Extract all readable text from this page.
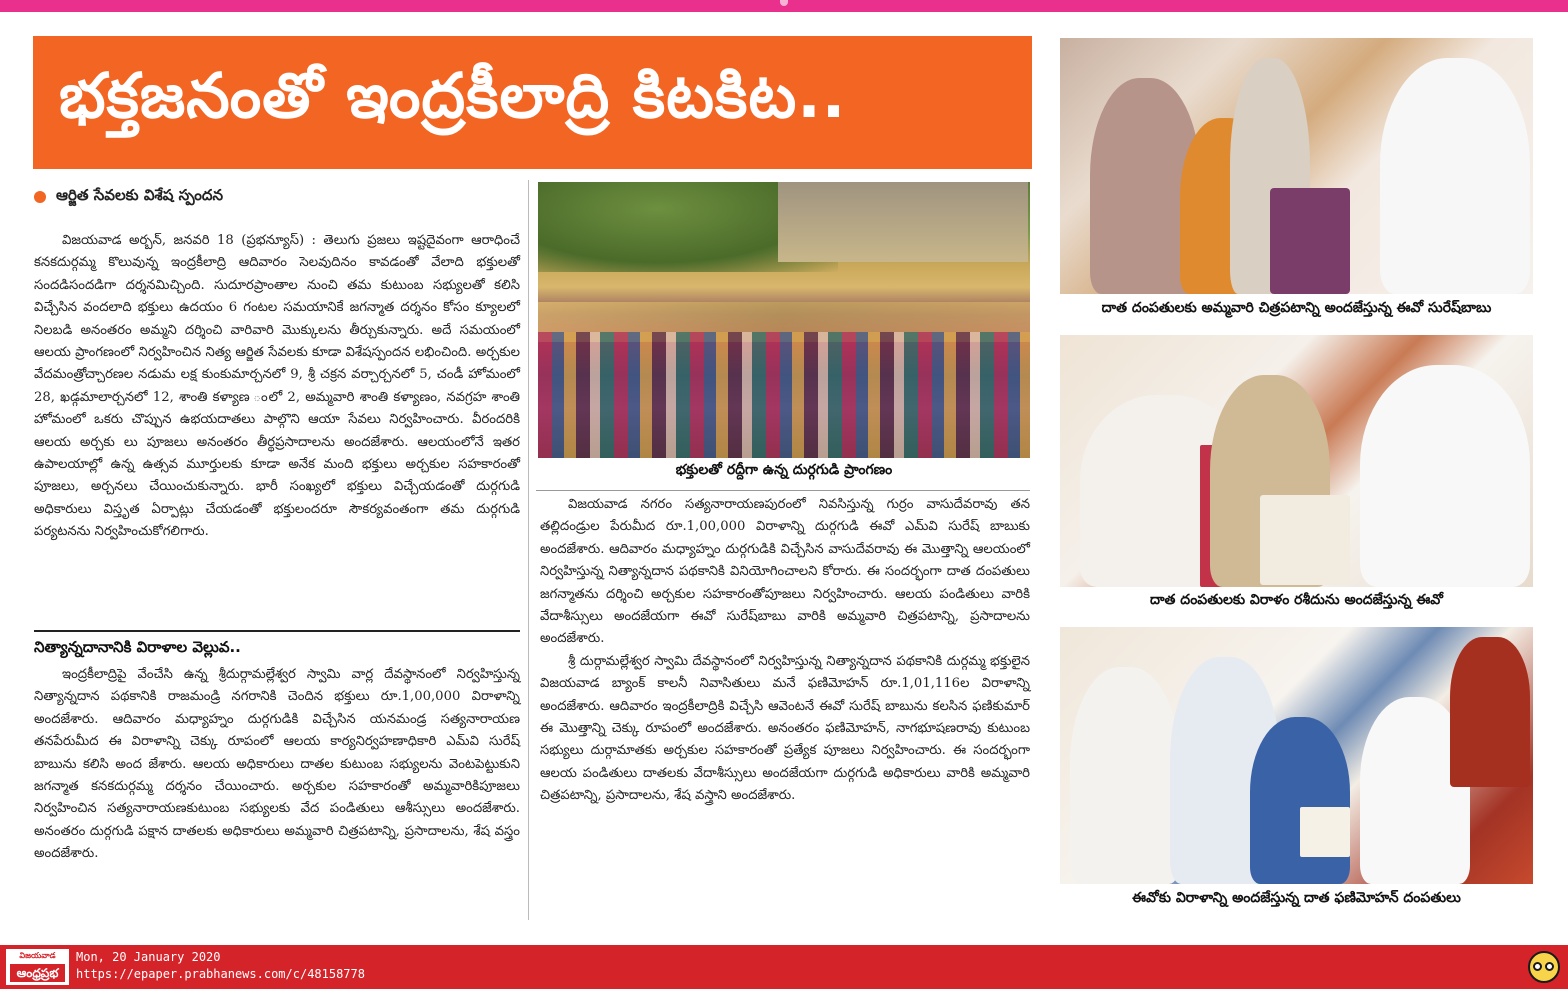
భక్తజనంతో ఇంద్రకీలాద్రి కిటకిట..
ఆర్జిత సేవలకు విశేష స్పందన

విజయవాడ అర్బన్, జనవరి 18 (ప్రభన్యూస్) : తెలుగు ప్రజలు ఇష్టదైవంగా ఆరాధించే కనకదుర్గమ్మ కొలువున్న ఇంద్రకీలాద్రి ఆదివారం సెలవుదినం కావడంతో వేలాది భక్తులతో సందడిసందడిగా దర్శనమిచ్చింది. సుదూరప్రాంతాల నుంచి తమ కుటుంబ సభ్యులతో కలిసి విచ్చేసిన వందలాది భక్తులు ఉదయం 6 గంటల సమయానికే జగన్మాత దర్శనం కోసం క్యూలలో నిలబడి అనంతరం అమ్మని దర్శించి వారివారి మొక్కులను తీర్చుకున్నారు. అదే సమయంలో ఆలయ ప్రాంగణంలో నిర్వహించిన నిత్య ఆర్జిత సేవలకు కూడా విశేషస్పందన లభించింది. అర్చకుల వేదమంత్రోచ్చారణల నడుమ లక్ష కుంకుమార్చనలో 9, శ్రీ చక్రన వర్చార్చనలో 5, చండీ హోమంలో 28, ఖడ్గమాలార్చనలో 12, శాంతి కళ్యాణ ంలో 2, అమ్మవారి శాంతి కళ్యాణం, నవగ్రహ శాంతి హోమంలో ఒకరు చొప్పున ఉభయదాతలు పాల్గొని ఆయా సేవలు నిర్వహించారు. వీరందరికి ఆలయ అర్చకు లు పూజలు అనంతరం తీర్థప్రసాదాలను అందజేశారు. ఆలయంలోనే ఇతర ఉపాలయాల్లో ఉన్న ఉత్సవ మూర్తులకు కూడా అనేక మంది భక్తులు అర్చకుల సహకారంతో పూజలు, అర్చనలు చేయించుకున్నారు. భారీ సంఖ్యలో భక్తులు విచ్చేయడంతో దుర్గగుడి అధికారులు విస్తృత ఏర్పాట్లు చేయడంతో భక్తులందరూ సౌకర్యవంతంగా తమ దుర్గగుడి పర్యటనను నిర్వహించుకోగలిగారు.

నిత్యాన్నదానానికి విరాళాల వెల్లువ..

ఇంద్రకీలాద్రిపై వేంచేసి ఉన్న శ్రీదుర్గామల్లేశ్వర స్వామి వార్ల దేవస్థానంలో నిర్వహిస్తున్న నిత్యాన్నదాన పథకానికి రాజమండ్రి నగరానికి చెందిన భక్తులు రూ.1,00,000 విరాళాన్ని అందజేశారు. ఆదివారం మధ్యాహ్నం దుర్గగుడికి విచ్చేసిన యనమండ్ర సత్యనారాయణ తనపేరుమీద ఈ విరాళాన్ని చెక్కు రూపంలో ఆలయ కార్యనిర్వహణాధికారి ఎమ్‌వి సురేష్ బాబును కలిసి అంద జేశారు. ఆలయ అధికారులు దాతల కుటుంబ సభ్యులను వెంటపెట్టుకుని జగన్మాత కనకదుర్గమ్మ దర్శనం చేయించారు. అర్చకుల సహకారంతో అమ్మవారికిపూజలు నిర్వహించిన సత్యనారాయణకుటుంబ సభ్యులకు వేద పండితులు ఆశీస్సులు అందజేశారు. అనంతరం దుర్గగుడి పక్షాన దాతలకు అధికారులు అమ్మవారి చిత్రపటాన్ని, ప్రసాదాలను, శేష వస్త్రం అందజేశారు.

భక్తులతో రద్దీగా ఉన్న దుర్గగుడి ప్రాంగణం

విజయవాడ నగరం సత్యనారాయణపురంలో నివసిస్తున్న గుర్రం వాసుదేవరావు తన తల్లిదండ్రుల పేరుమీద రూ.1,00,000 విరాళాన్ని దుర్గగుడి ఈవో ఎమ్‌వి సురేష్ బాబుకు అందజేశారు. ఆదివారం మధ్యాహ్నం దుర్గగుడికి విచ్చేసిన వాసుదేవరావు ఈ మొత్తాన్ని ఆలయంలో నిర్వహిస్తున్న నిత్యాన్నదాన పథకానికి వినియోగించాలని కోరారు. ఈ సందర్భంగా దాత దంపతులు జగన్మాతను దర్శించి అర్చకుల సహకారంతోపూజలు నిర్వహించారు. ఆలయ పండితులు వారికి వేదాశీస్సులు అందజేయగా ఈవో సురేష్‌బాబు వారికి అమ్మవారి చిత్రపటాన్ని, ప్రసాదాలను అందజేశారు.

శ్రీ దుర్గామల్లేశ్వర స్వామి దేవస్థానంలో నిర్వహిస్తున్న నిత్యాన్నదాన పథకానికి దుర్గమ్మ భక్తులైన విజయవాడ బ్యాంక్ కాలనీ నివాసితులు మనే ఫణిమోహన్ రూ.1,01,116ల విరాళాన్ని అందజేశారు. ఆదివారం ఇంద్రకీలాద్రికి విచ్చేసి ఆవెంటనే ఈవో సురేష్ బాబును కలసిన ఫణికుమార్ ఈ మొత్తాన్ని చెక్కు రూపంలో అందజేశారు. అనంతరం ఫణిమోహన్, నాగభూషణరావు కుటుంబ సభ్యులు దుర్గామాతకు అర్చకుల సహకారంతో ప్రత్యేక పూజలు నిర్వహించారు. ఈ సందర్భంగా ఆలయ పండితులు దాతలకు వేదాశీస్సులు అందజేయగా దుర్గగుడి అధికారులు వారికి అమ్మవారి చిత్రపటాన్ని, ప్రసాదాలను, శేష వస్త్రాని అందజేశారు.

దాత దంపతులకు అమ్మవారి చిత్రపటాన్ని అందజేస్తున్న ఈవో సురేష్‌బాబు
దాత దంపతులకు విరాళం రశీదును అందజేస్తున్న ఈవో
ఈవోకు విరాళాన్ని అందజేస్తున్న దాత ఫణిమోహన్ దంపతులు
విజయవాడ
ఆంధ్రప్రభ
Mon, 20 January 2020
https://epaper.prabhanews.com/c/48158778
